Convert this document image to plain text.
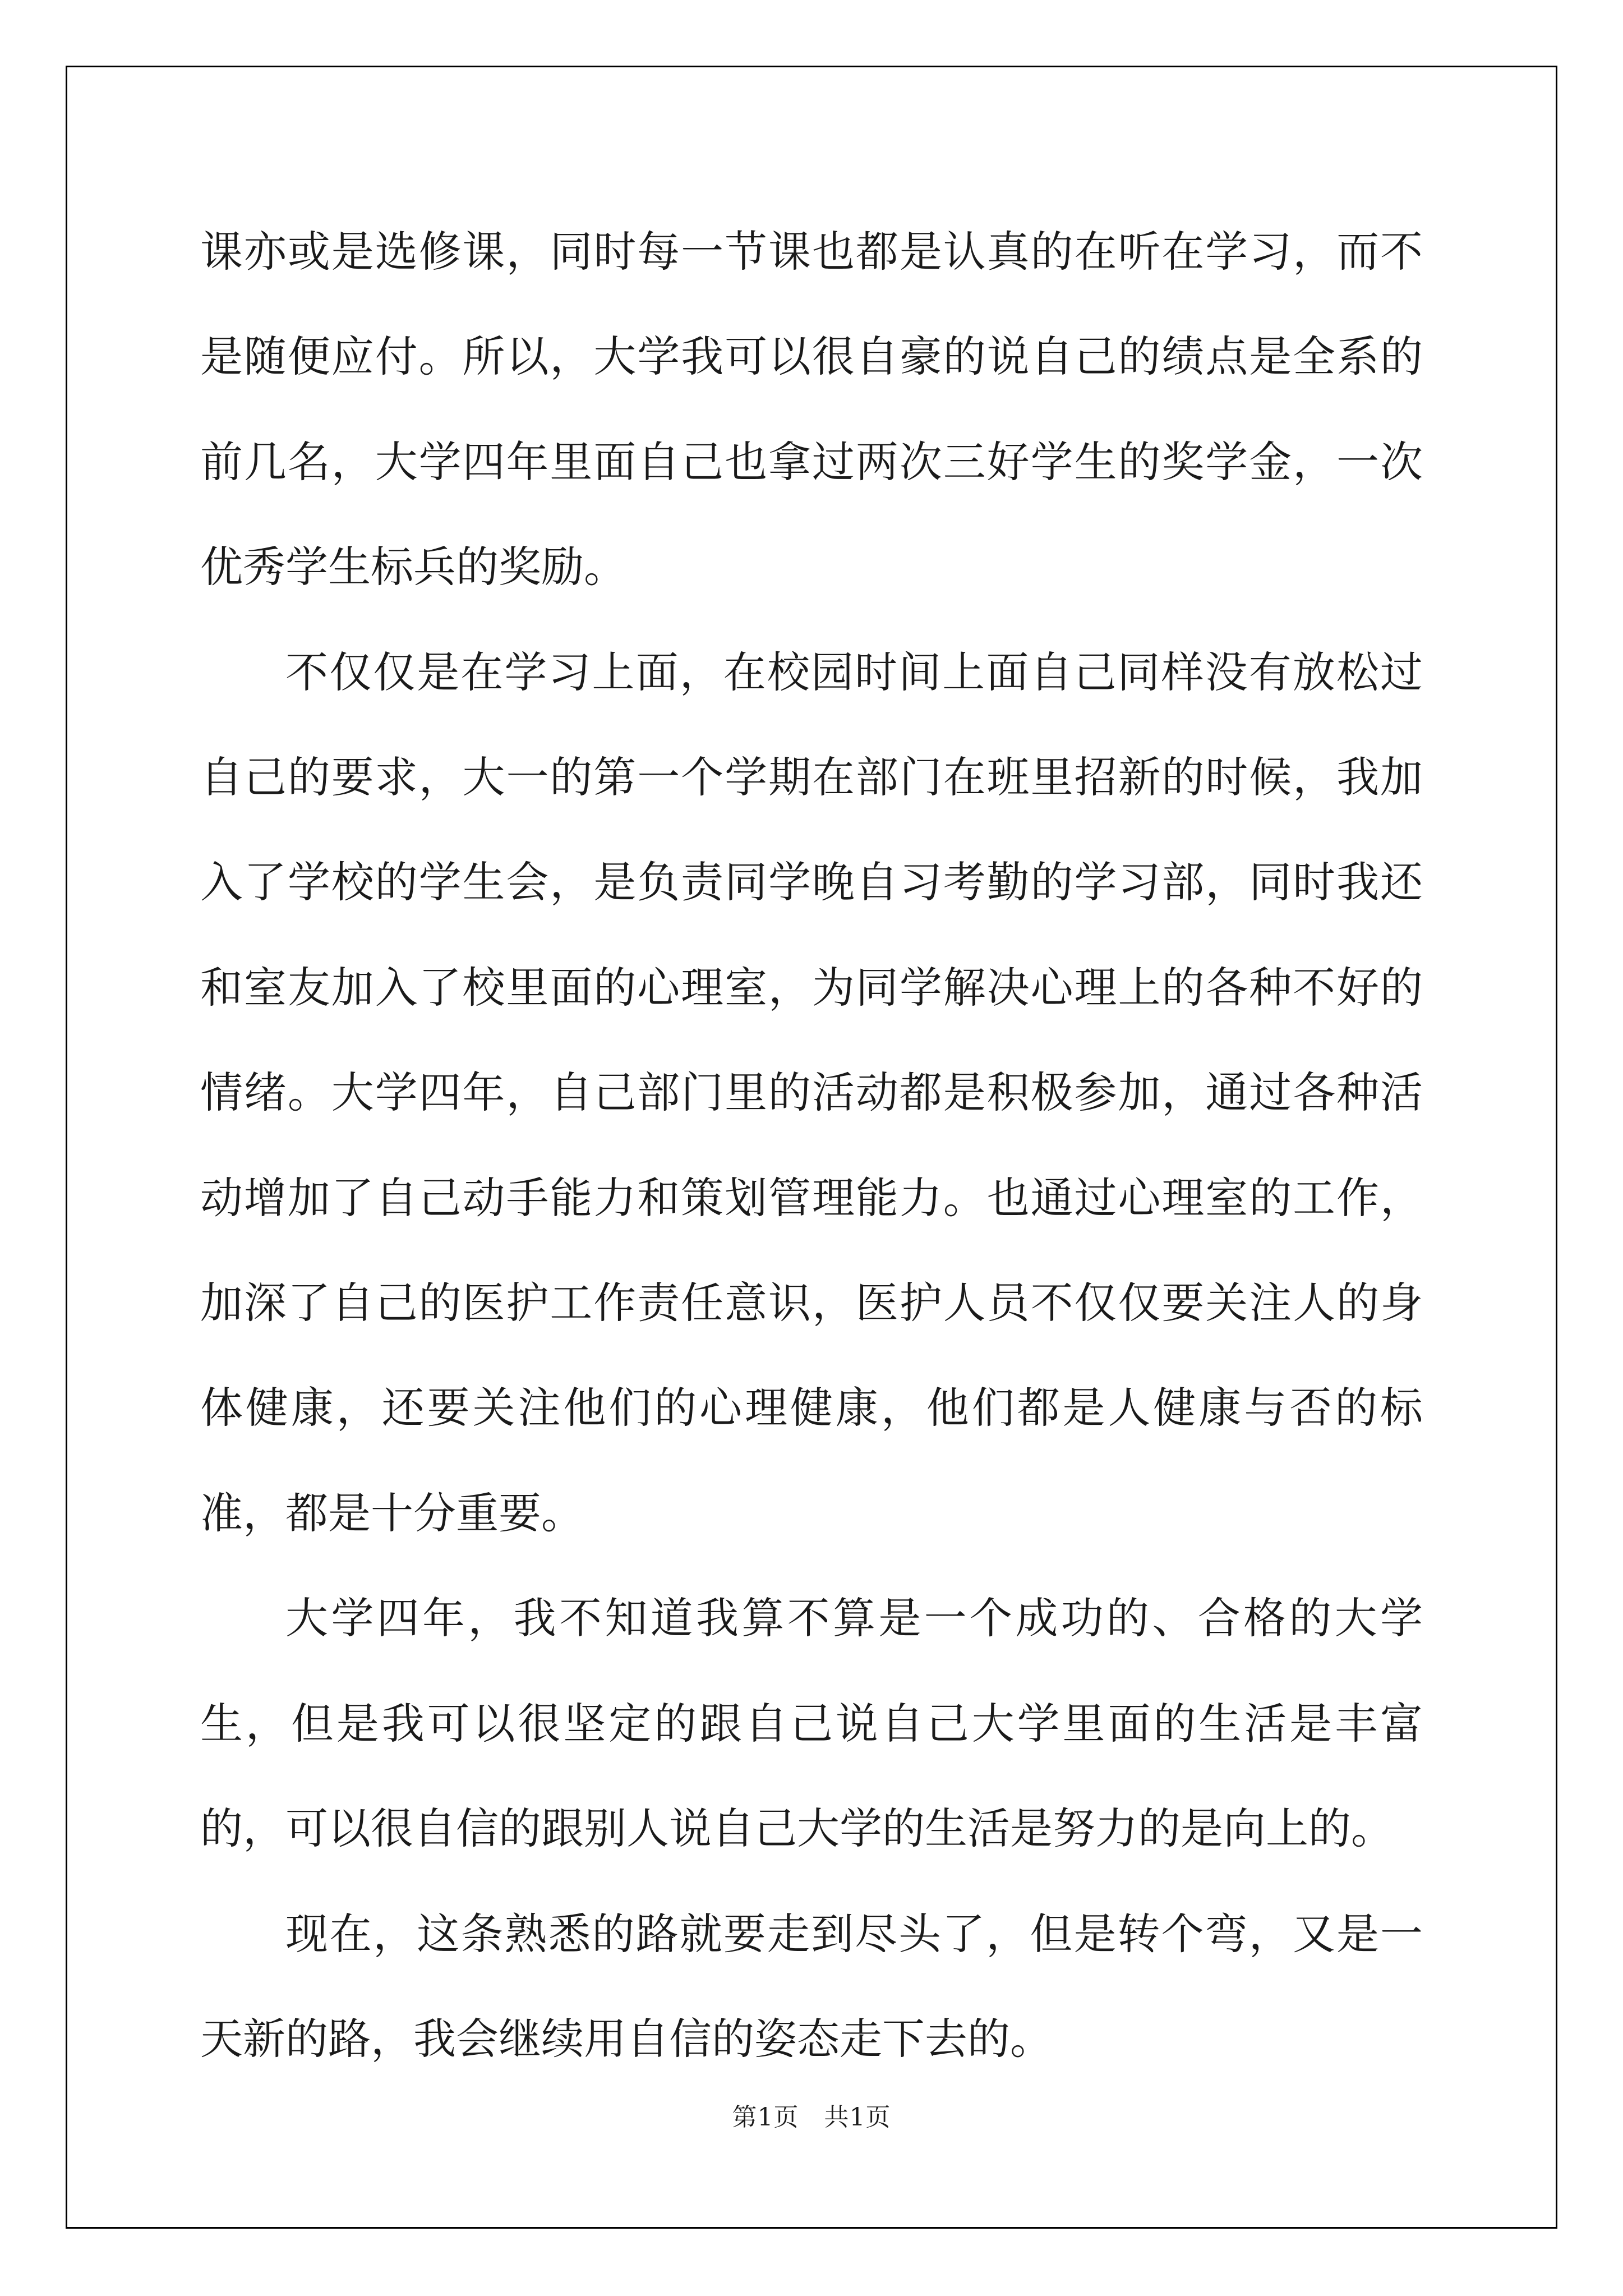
课亦或是选修课，同时每一节课也都是认真的在听在学习，而不是随便应付。所以，大学我可以很自豪的说自己的绩点是全系的前几名，大学四年里面自己也拿过两次三好学生的奖学金，一次优秀学生标兵的奖励。

不仅仅是在学习上面，在校园时间上面自己同样没有放松过自己的要求，大一的第一个学期在部门在班里招新的时候，我加入了学校的学生会，是负责同学晚自习考勤的学习部，同时我还和室友加入了校里面的心理室，为同学解决心理上的各种不好的情绪。大学四年，自己部门里的活动都是积极参加，通过各种活动增加了自己动手能力和策划管理能力。也通过心理室的工作，加深了自己的医护工作责任意识，医护人员不仅仅要关注人的身体健康，还要关注他们的心理健康，他们都是人健康与否的标准，都是十分重要。

大学四年，我不知道我算不算是一个成功的、合格的大学生，但是我可以很坚定的跟自己说自己大学里面的生活是丰富的，可以很自信的跟别人说自己大学的生活是努力的是向上的。

现在，这条熟悉的路就要走到尽头了，但是转个弯，又是一天新的路，我会继续用自信的姿态走下去的。

第1页 共1页
